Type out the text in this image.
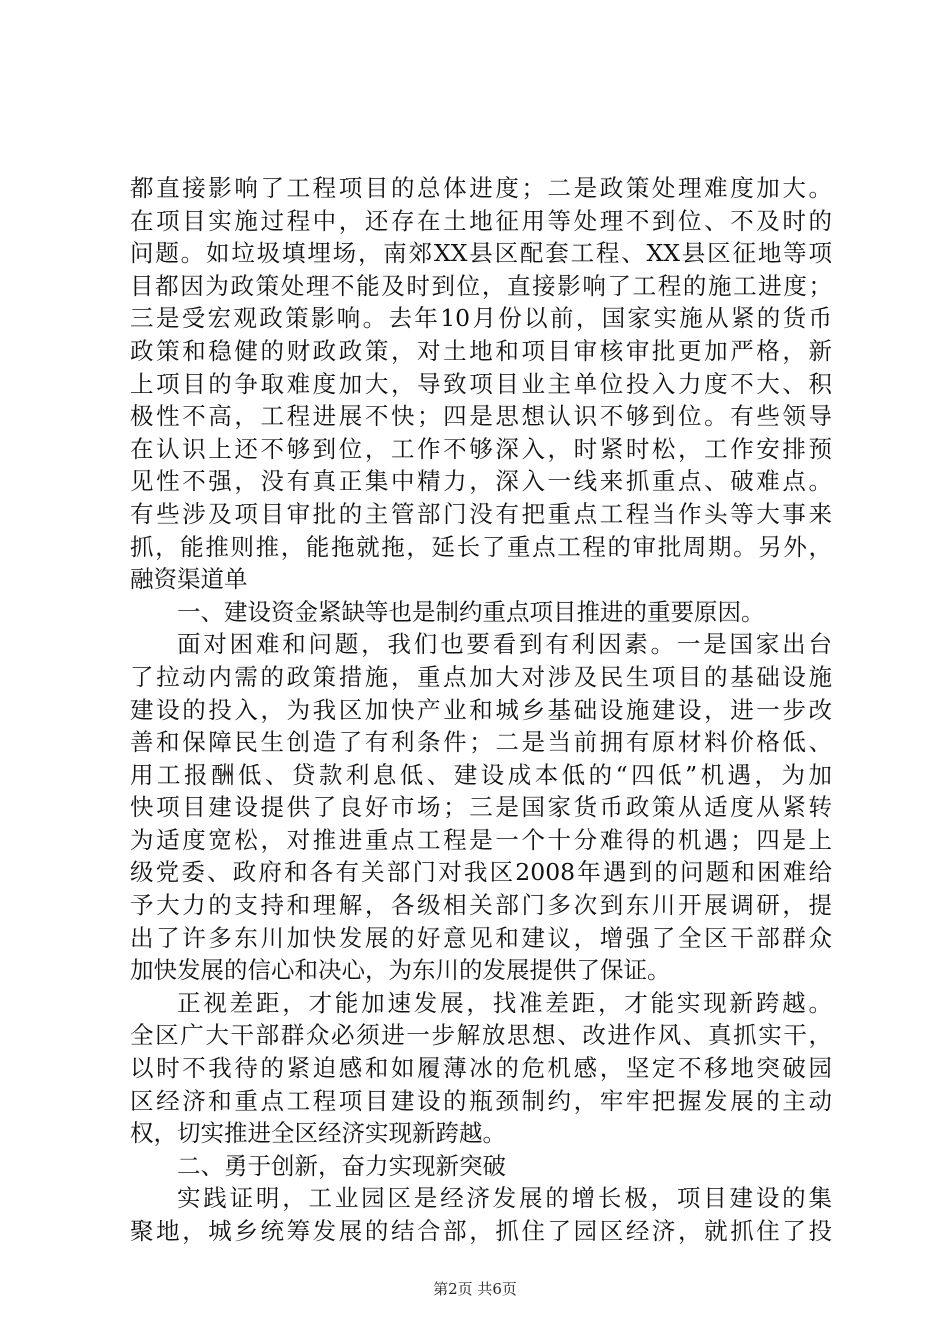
都直接影响了工程项目的总体进度；二是政策处理难度加大。
在项目实施过程中，还存在土地征用等处理不到位、不及时的
问题。如垃圾填埋场，南郊XX县区配套工程、XX县区征地等项
目都因为政策处理不能及时到位，直接影响了工程的施工进度；
三是受宏观政策影响。去年10月份以前，国家实施从紧的货币
政策和稳健的财政政策，对土地和项目审核审批更加严格，新
上项目的争取难度加大，导致项目业主单位投入力度不大、积
极性不高，工程进展不快；四是思想认识不够到位。有些领导
在认识上还不够到位，工作不够深入，时紧时松，工作安排预
见性不强，没有真正集中精力，深入一线来抓重点、破难点。
有些涉及项目审批的主管部门没有把重点工程当作头等大事来
抓，能推则推，能拖就拖，延长了重点工程的审批周期。另外，
融资渠道单
一、建设资金紧缺等也是制约重点项目推进的重要原因。
面对困难和问题，我们也要看到有利因素。一是国家出台
了拉动内需的政策措施，重点加大对涉及民生项目的基础设施
建设的投入，为我区加快产业和城乡基础设施建设，进一步改
善和保障民生创造了有利条件；二是当前拥有原材料价格低、
用工报酬低、贷款利息低、建设成本低的“四低”机遇，为加
快项目建设提供了良好市场；三是国家货币政策从适度从紧转
为适度宽松，对推进重点工程是一个十分难得的机遇；四是上
级党委、政府和各有关部门对我区2008年遇到的问题和困难给
予大力的支持和理解，各级相关部门多次到东川开展调研，提
出了许多东川加快发展的好意见和建议，增强了全区干部群众
加快发展的信心和决心，为东川的发展提供了保证。
正视差距，才能加速发展，找准差距，才能实现新跨越。
全区广大干部群众必须进一步解放思想、改进作风、真抓实干，
以时不我待的紧迫感和如履薄冰的危机感，坚定不移地突破园
区经济和重点工程项目建设的瓶颈制约，牢牢把握发展的主动
权，切实推进全区经济实现新跨越。
二、勇于创新，奋力实现新突破
实践证明，工业园区是经济发展的增长极，项目建设的集
聚地，城乡统筹发展的结合部，抓住了园区经济，就抓住了投
第2页 共6页
